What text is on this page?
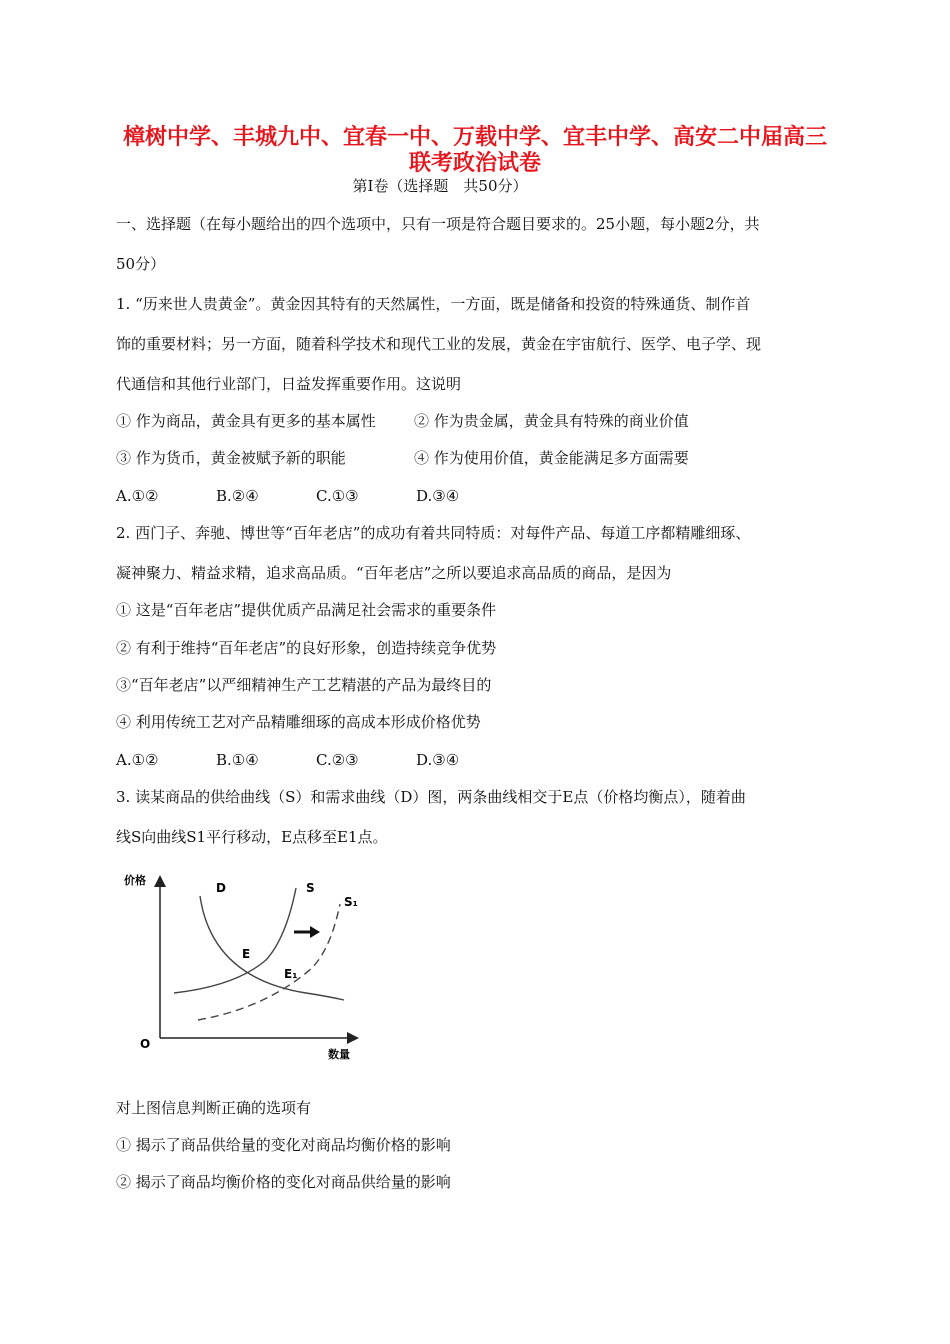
樟树中学、丰城九中、宜春一中、万载中学、宜丰中学、高安二中届高三
联考政治试卷
第Ⅰ卷（选择题　共50分）
一、选择题（在每小题给出的四个选项中，只有一项是符合题目要求的。25小题，每小题2分，共
50分）
1. “历来世人贵黄金”。黄金因其特有的天然属性，一方面，既是储备和投资的特殊通货、制作首
饰的重要材料；另一方面，随着科学技术和现代工业的发展，黄金在宇宙航行、医学、电子学、现
代通信和其他行业部门，日益发挥重要作用。这说明
① 作为商品，黄金具有更多的基本属性	② 作为贵金属，黄金具有特殊的商业价值
③ 作为货币，黄金被赋予新的职能	④ 作为使用价值，黄金能满足多方面需要
A.①②	B.②④	C.①③	D.③④
2. 西门子、奔驰、博世等“百年老店”的成功有着共同特质：对每件产品、每道工序都精雕细琢、
凝神聚力、精益求精，追求高品质。“百年老店”之所以要追求高品质的商品，是因为
① 这是“百年老店”提供优质产品满足社会需求的重要条件
② 有利于维持“百年老店”的良好形象，创造持续竞争优势
③“百年老店”以严细精神生产工艺精湛的产品为最终目的
④ 利用传统工艺对产品精雕细琢的高成本形成价格优势
A.①②	B.①④	C.②③	D.③④
3. 读某商品的供给曲线（S）和需求曲线（D）图，两条曲线相交于E点（价格均衡点），随着曲
线S向曲线S1平行移动，E点移至E1点。
价格
数量
O
D	S
S₁
E
E₁
对上图信息判断正确的选项有
① 揭示了商品供给量的变化对商品均衡价格的影响
② 揭示了商品均衡价格的变化对商品供给量的影响
